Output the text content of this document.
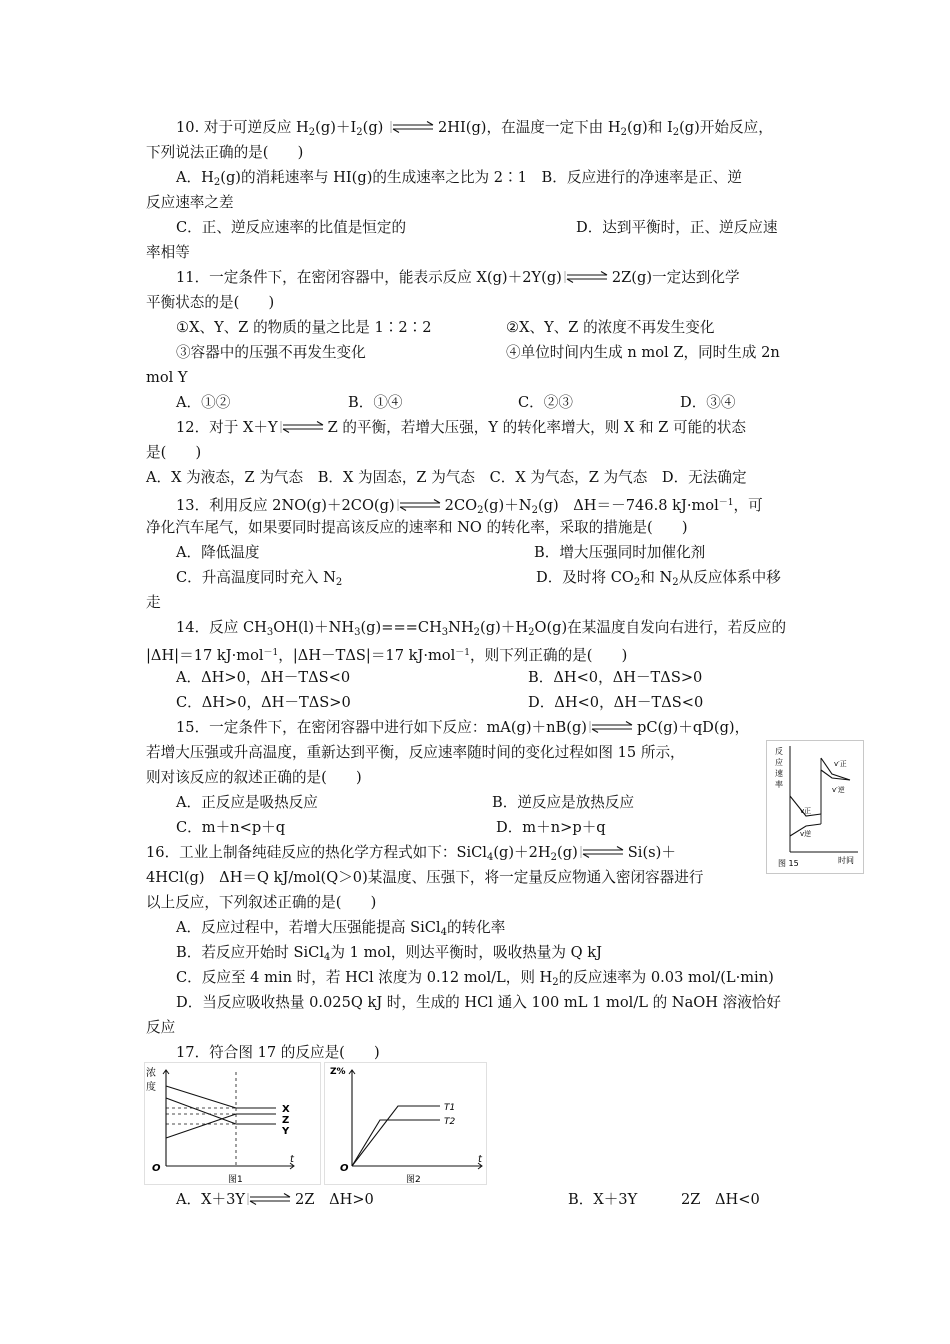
10. 对于可逆反应 $H_2(g)+I_2(g)$	2HI(g)，在温度一定下由 $H_2(g)$和 $I_2(g)$开始反应，
下列说法正确的是(　　)
A．$H_2(g)$的消耗速率与 HI(g)的生成速率之比为 2∶1　B．反应进行的净速率是正、逆
反应速率之差
C．正、逆反应速率的比值是恒定的	D．达到平衡时，正、逆反应速
率相等
11．一定条件下，在密闭容器中，能表示反应 X(g)＋2Y(g)	2Z(g)一定达到化学
平衡状态的是(　　)
①X、Y、Z 的物质的量之比是 1∶2∶2	②X、Y、Z 的浓度不再发生变化
③容器中的压强不再发生变化	④单位时间内生成 n mol Z，同时生成 2n
mol Y
A．①②	B．①④	C．②③	D．③④
12．对于 X＋Y	Z 的平衡，若增大压强，Y 的转化率增大，则 X 和 Z 可能的状态
是(　　)
A．X 为液态，Z 为气态　B．X 为固态，Z 为气态　C．X 为气态，Z 为气态　D．无法确定
13．利用反应 2NO(g)＋2CO(g)	$2CO_2(g)+N_2(g)$　ΔH＝－746.8 kJ·mol$^{-1}$，可
净化汽车尾气，如果要同时提高该反应的速率和 NO 的转化率，采取的措施是(　　)
A．降低温度	B．增大压强同时加催化剂
C．升高温度同时充入 $N_2$	D．及时将 $CO_2$和 $N_2$从反应体系中移
走
14．反应 $CH_3OH(l)+NH_3(g)===CH_3NH_2(g)+H_2O(g)$在某温度自发向右进行，若反应的
|ΔH|＝17 kJ·mol$^{-1}$，|ΔH－TΔS|＝17 kJ·mol$^{-1}$，则下列正确的是(　　)
A．ΔH>0，ΔH－TΔS<0	B．ΔH<0，ΔH－TΔS>0
C．ΔH>0，ΔH－TΔS>0	D．ΔH<0，ΔH－TΔS<0
15．一定条件下，在密闭容器中进行如下反应：mA(g)＋nB(g)	pC(g)＋qD(g)，
若增大压强或升高温度，重新达到平衡，反应速率随时间的变化过程如图 15 所示，
则对该反应的叙述正确的是(　　)
A．正反应是吸热反应	B．逆反应是放热反应
C．m＋n<p＋q	D．m＋n>p＋q
反
应
速
率
v正
v逆
v′正
v′逆
图 15	时间
16．工业上制备纯硅反应的热化学方程式如下：$SiCl_4(g)+2H_2(g)$	Si(s)＋
4HCl(g)　ΔH＝Q kJ/mol(Q＞0)某温度、压强下，将一定量反应物通入密闭容器进行
以上反应，下列叙述正确的是(　　)
A．反应过程中，若增大压强能提高 SiCl$_4$的转化率
B．若反应开始时 SiCl$_4$为 1 mol，则达平衡时，吸收热量为 Q kJ
C．反应至 4 min 时，若 HCl 浓度为 0.12 mol/L，则 $H_2$的反应速率为 0.03 mol/(L·min)
D．当反应吸收热量 0.025Q kJ 时，生成的 HCl 通入 100 mL 1 mol/L 的 NaOH 溶液恰好
反应
17．符合图 17 的反应是(　　)
浓
度
X
Z
Y
O
t
图1
Z%
T1
T2
O
t
图2
A．X＋3Y	2Z　ΔH>0	B．X＋3Y　　　2Z　ΔH<0
